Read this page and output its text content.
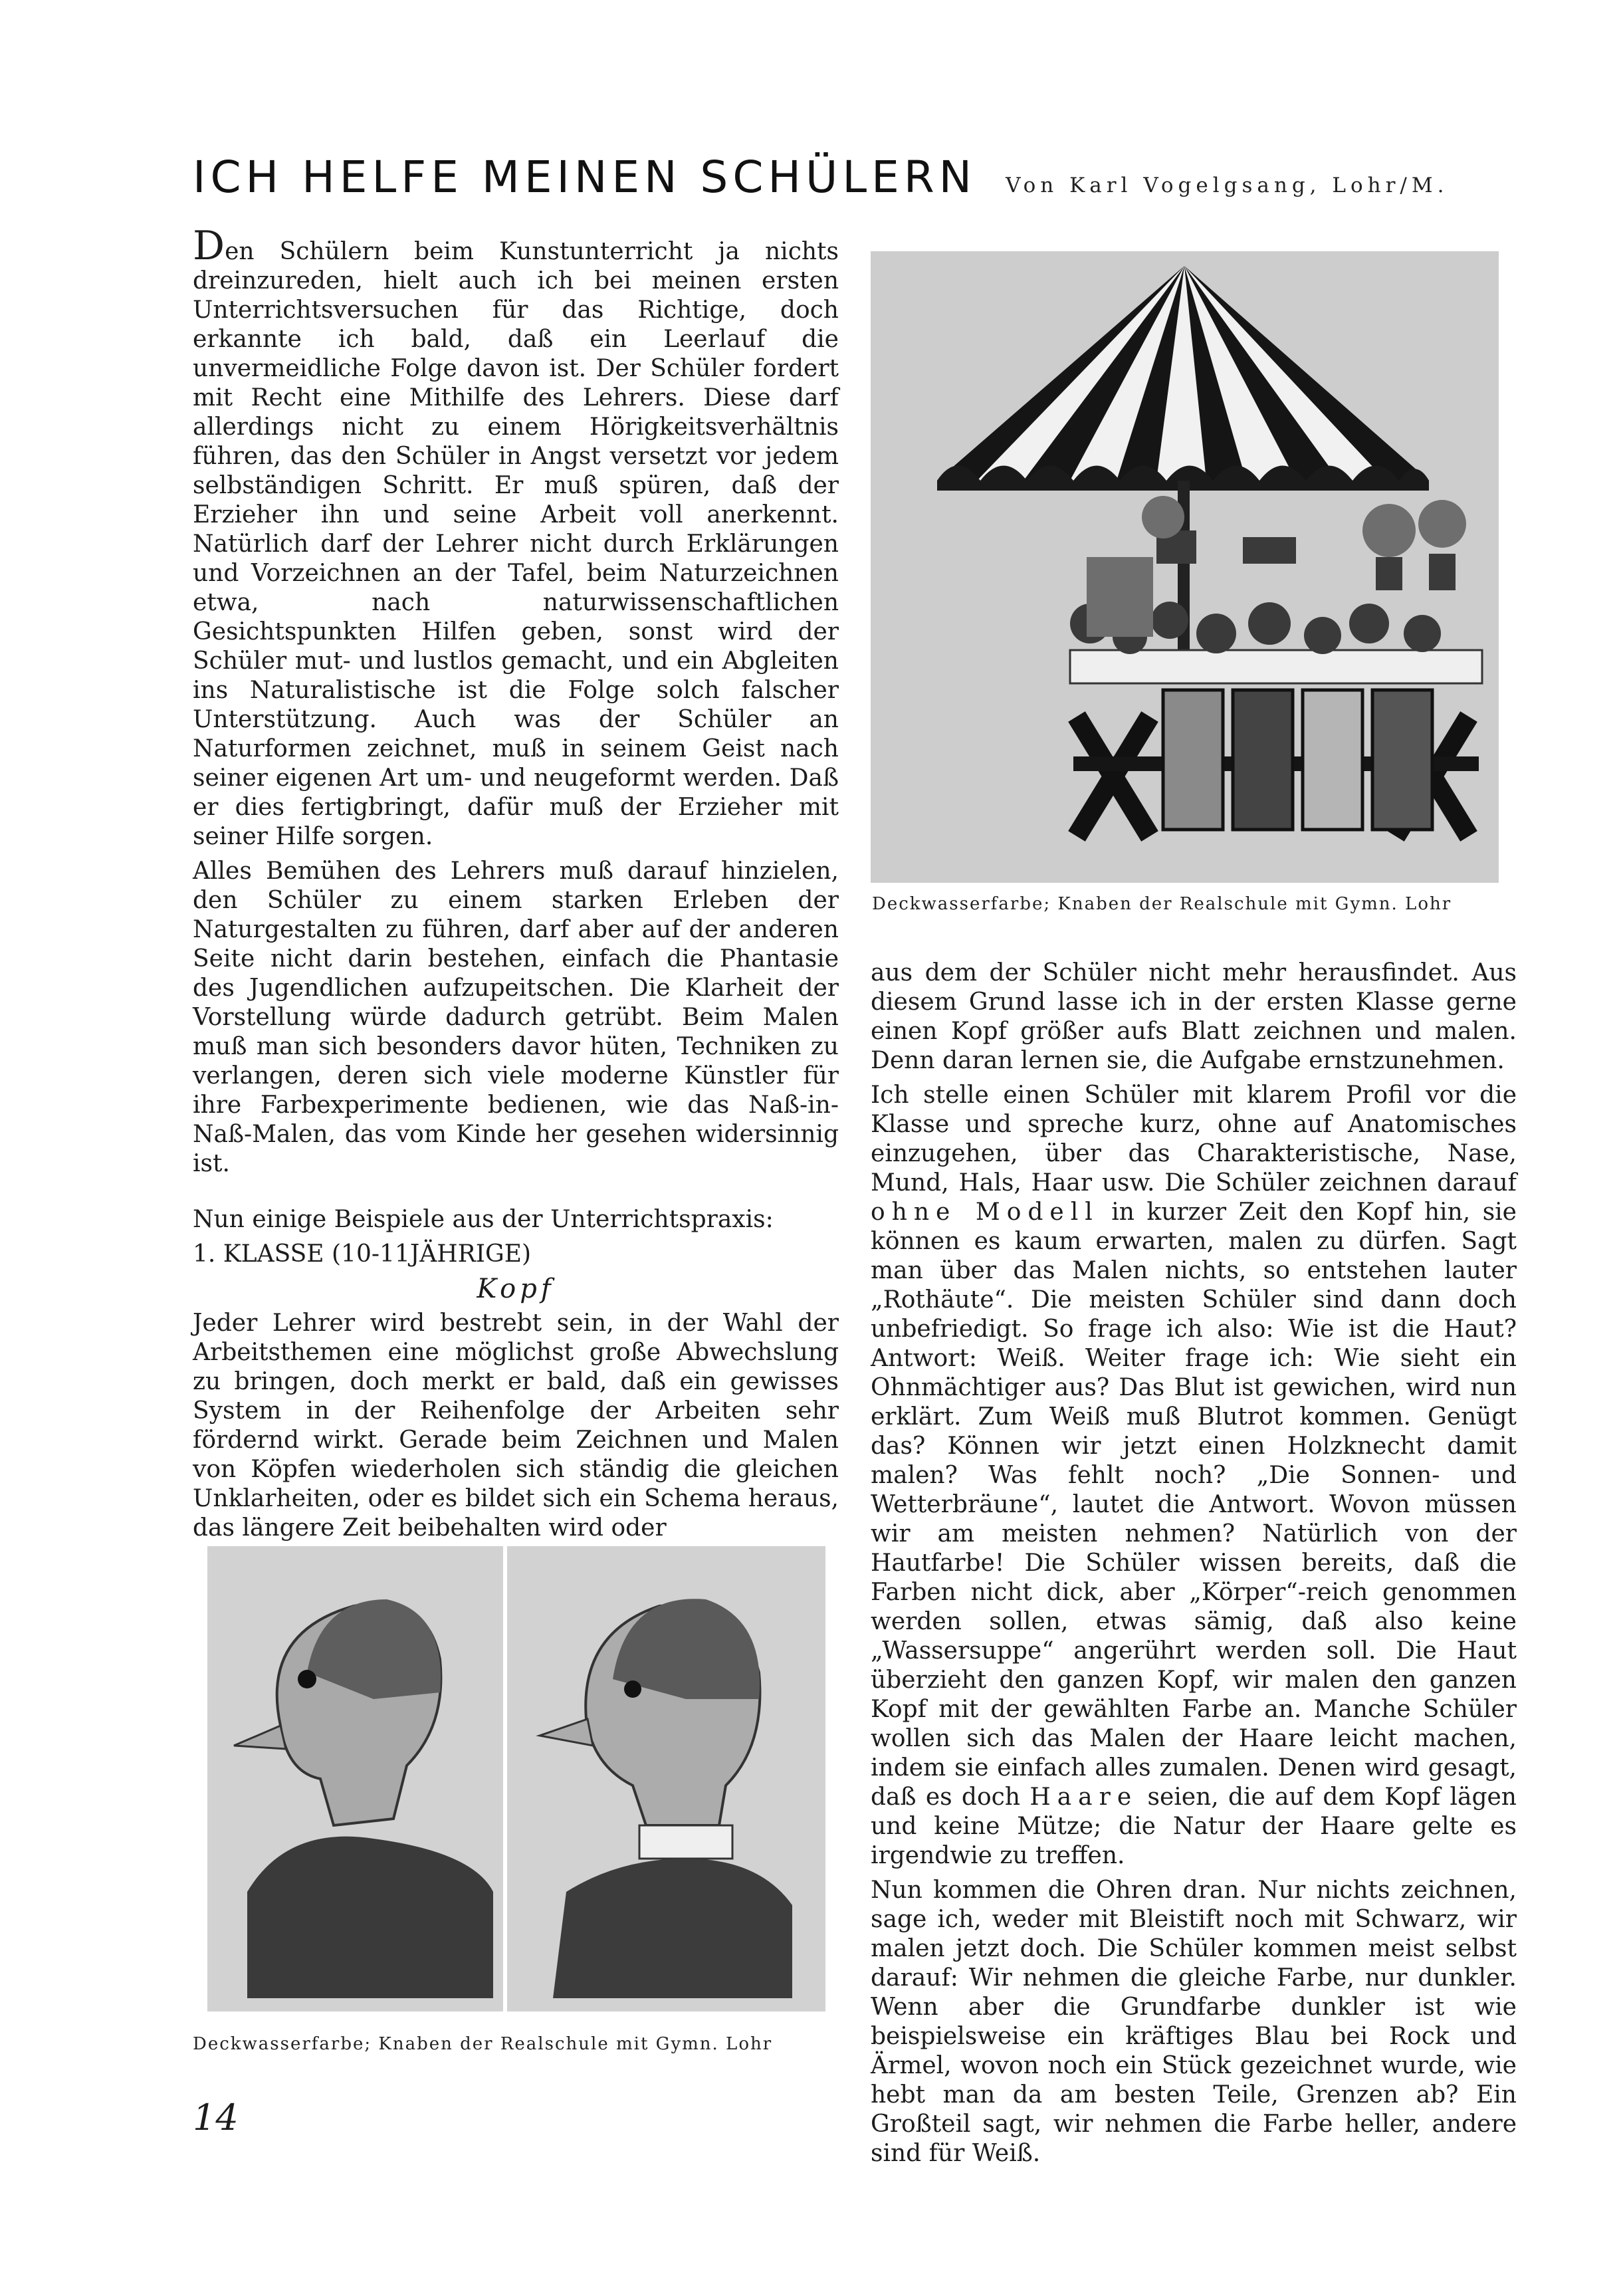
ICH HELFE MEINEN SCHÜLERN Von Karl Vogelgsang, Lohr/M.

Den Schülern beim Kunstunterricht ja nichts dreinzureden, hielt auch ich bei meinen ersten Unterrichtsversuchen für das Richtige, doch erkannte ich bald, daß ein Leerlauf die unvermeidliche Folge davon ist. Der Schüler fordert mit Recht eine Mithilfe des Lehrers. Diese darf allerdings nicht zu einem Hörigkeitsverhältnis führen, das den Schüler in Angst versetzt vor jedem selbständigen Schritt. Er muß spüren, daß der Erzieher ihn und seine Arbeit voll anerkennt. Natürlich darf der Lehrer nicht durch Erklärungen und Vorzeichnen an der Tafel, beim Naturzeichnen etwa, nach naturwissenschaftlichen Gesichtspunkten Hilfen geben, sonst wird der Schüler mut- und lustlos gemacht, und ein Abgleiten ins Naturalistische ist die Folge solch falscher Unterstützung. Auch was der Schüler an Naturformen zeichnet, muß in seinem Geist nach seiner eigenen Art um- und neugeformt werden. Daß er dies fertigbringt, dafür muß der Erzieher mit seiner Hilfe sorgen.

Alles Bemühen des Lehrers muß darauf hinzielen, den Schüler zu einem starken Erleben der Naturgestalten zu führen, darf aber auf der anderen Seite nicht darin bestehen, einfach die Phantasie des Jugendlichen aufzupeitschen. Die Klarheit der Vorstellung würde dadurch getrübt. Beim Malen muß man sich besonders davor hüten, Techniken zu verlangen, deren sich viele moderne Künstler für ihre Farbexperimente bedienen, wie das Naß-in-Naß-Malen, das vom Kinde her gesehen widersinnig ist.

Nun einige Beispiele aus der Unterrichtspraxis:

1. KLASSE (10-11JÄHRIGE)

Kopf

Jeder Lehrer wird bestrebt sein, in der Wahl der Arbeitsthemen eine möglichst große Abwechslung zu bringen, doch merkt er bald, daß ein gewisses System in der Reihenfolge der Arbeiten sehr fördernd wirkt. Gerade beim Zeichnen und Malen von Köpfen wiederholen sich ständig die gleichen Unklarheiten, oder es bildet sich ein Schema heraus, das längere Zeit beibehalten wird oder

Deckwasserfarbe; Knaben der Realschule mit Gymn. Lohr

aus dem der Schüler nicht mehr herausfindet. Aus diesem Grund lasse ich in der ersten Klasse gerne einen Kopf größer aufs Blatt zeichnen und malen. Denn daran lernen sie, die Aufgabe ernstzunehmen.

Ich stelle einen Schüler mit klarem Profil vor die Klasse und spreche kurz, ohne auf Anatomisches einzugehen, über das Charakteristische, Nase, Mund, Hals, Haar usw. Die Schüler zeichnen darauf ohne Modell in kurzer Zeit den Kopf hin, sie können es kaum erwarten, malen zu dürfen. Sagt man über das Malen nichts, so entstehen lauter „Rothäute“. Die meisten Schüler sind dann doch unbefriedigt. So frage ich also: Wie ist die Haut? Antwort: Weiß. Weiter frage ich: Wie sieht ein Ohnmächtiger aus? Das Blut ist gewichen, wird nun erklärt. Zum Weiß muß Blutrot kommen. Genügt das? Können wir jetzt einen Holzknecht damit malen? Was fehlt noch? „Die Sonnen- und Wetterbräune“, lautet die Antwort. Wovon müssen wir am meisten nehmen? Natürlich von der Hautfarbe! Die Schüler wissen bereits, daß die Farben nicht dick, aber „Körper“-reich genommen werden sollen, etwas sämig, daß also keine „Wassersuppe“ angerührt werden soll. Die Haut überzieht den ganzen Kopf, wir malen den ganzen Kopf mit der gewählten Farbe an. Manche Schüler wollen sich das Malen der Haare leicht machen, indem sie einfach alles zumalen. Denen wird gesagt, daß es doch Haare seien, die auf dem Kopf lägen und keine Mütze; die Natur der Haare gelte es irgendwie zu treffen.

Nun kommen die Ohren dran. Nur nichts zeichnen, sage ich, weder mit Bleistift noch mit Schwarz, wir malen jetzt doch. Die Schüler kommen meist selbst darauf: Wir nehmen die gleiche Farbe, nur dunkler. Wenn aber die Grundfarbe dunkler ist wie beispielsweise ein kräftiges Blau bei Rock und Ärmel, wovon noch ein Stück gezeichnet wurde, wie hebt man da am besten Teile, Grenzen ab? Ein Großteil sagt, wir nehmen die Farbe heller, andere sind für Weiß.

Deckwasserfarbe; Knaben der Realschule mit Gymn. Lohr
14
